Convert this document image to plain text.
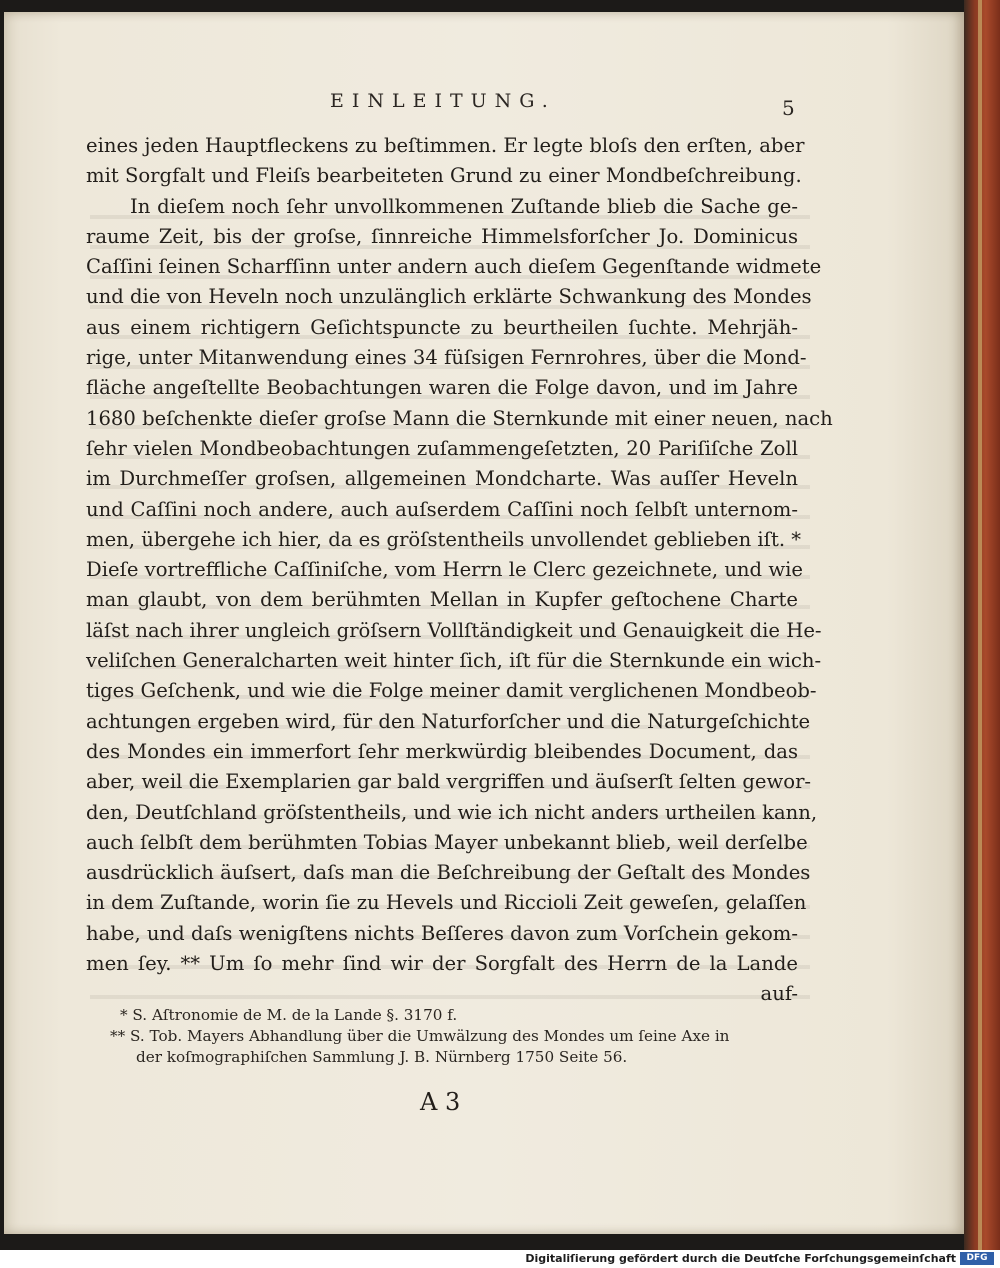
EINLEITUNG.	5
eines jeden Hauptfleckens zu beſtimmen. Er legte bloſs den erſten, aber
mit Sorgfalt und Fleiſs bearbeiteten Grund zu einer Mondbeſchreibung.
In dieſem noch ſehr unvollkommenen Zuſtande blieb die Sache ge-
raume Zeit, bis der groſse, ſinnreiche Himmelsforſcher Jo. Dominicus
Caſſini ſeinen Scharfſinn unter andern auch dieſem Gegenſtande widmete
und die von Heveln noch unzulänglich erklärte Schwankung des Mondes
aus einem richtigern Geſichtspuncte zu beurtheilen ſuchte. Mehrjäh-
rige, unter Mitanwendung eines 34 füſsigen Fernrohres, über die Mond-
fläche angeſtellte Beobachtungen waren die Folge davon, und im Jahre
1680 beſchenkte dieſer groſse Mann die Sternkunde mit einer neuen, nach
ſehr vielen Mondbeobachtungen zuſammengeſetzten, 20 Pariſiſche Zoll
im Durchmeſſer groſsen, allgemeinen Mondcharte. Was auſſer Heveln
und Caſſini noch andere, auch auſserdem Caſſini noch ſelbſt unternom-
men, übergehe ich hier, da es gröſstentheils unvollendet geblieben iſt. *
Dieſe vortreffliche Caſſiniſche, vom Herrn le Clerc gezeichnete, und wie
man glaubt, von dem berühmten Mellan in Kupfer geſtochene Charte
läſst nach ihrer ungleich gröſsern Vollſtändigkeit und Genauigkeit die He-
veliſchen Generalcharten weit hinter ſich, iſt für die Sternkunde ein wich-
tiges Geſchenk, und wie die Folge meiner damit verglichenen Mondbeob-
achtungen ergeben wird, für den Naturforſcher und die Naturgeſchichte
des Mondes ein immerfort ſehr merkwürdig bleibendes Document, das
aber, weil die Exemplarien gar bald vergriffen und äuſserſt ſelten gewor-
den, Deutſchland gröſstentheils, und wie ich nicht anders urtheilen kann,
auch ſelbſt dem berühmten Tobias Mayer unbekannt blieb, weil derſelbe
ausdrücklich äuſsert, daſs man die Beſchreibung der Geſtalt des Mondes
in dem Zuſtande, worin ſie zu Hevels und Riccioli Zeit geweſen, gelaſſen
habe, und daſs wenigſtens nichts Beſſeres davon zum Vorſchein gekom-
men ſey. ** Um ſo mehr ſind wir der Sorgfalt des Herrn de la Lande
auf-
* S. Aſtronomie de M. de la Lande §. 3170 f.
** S. Tob. Mayers Abhandlung über die Umwälzung des Mondes um ſeine Axe in
der koſmographiſchen Sammlung J. B. Nürnberg 1750 Seite 56.
A 3
Digitaliſierung gefördert durch die Deutſche Forſchungsgemeinſchaft	DFG
